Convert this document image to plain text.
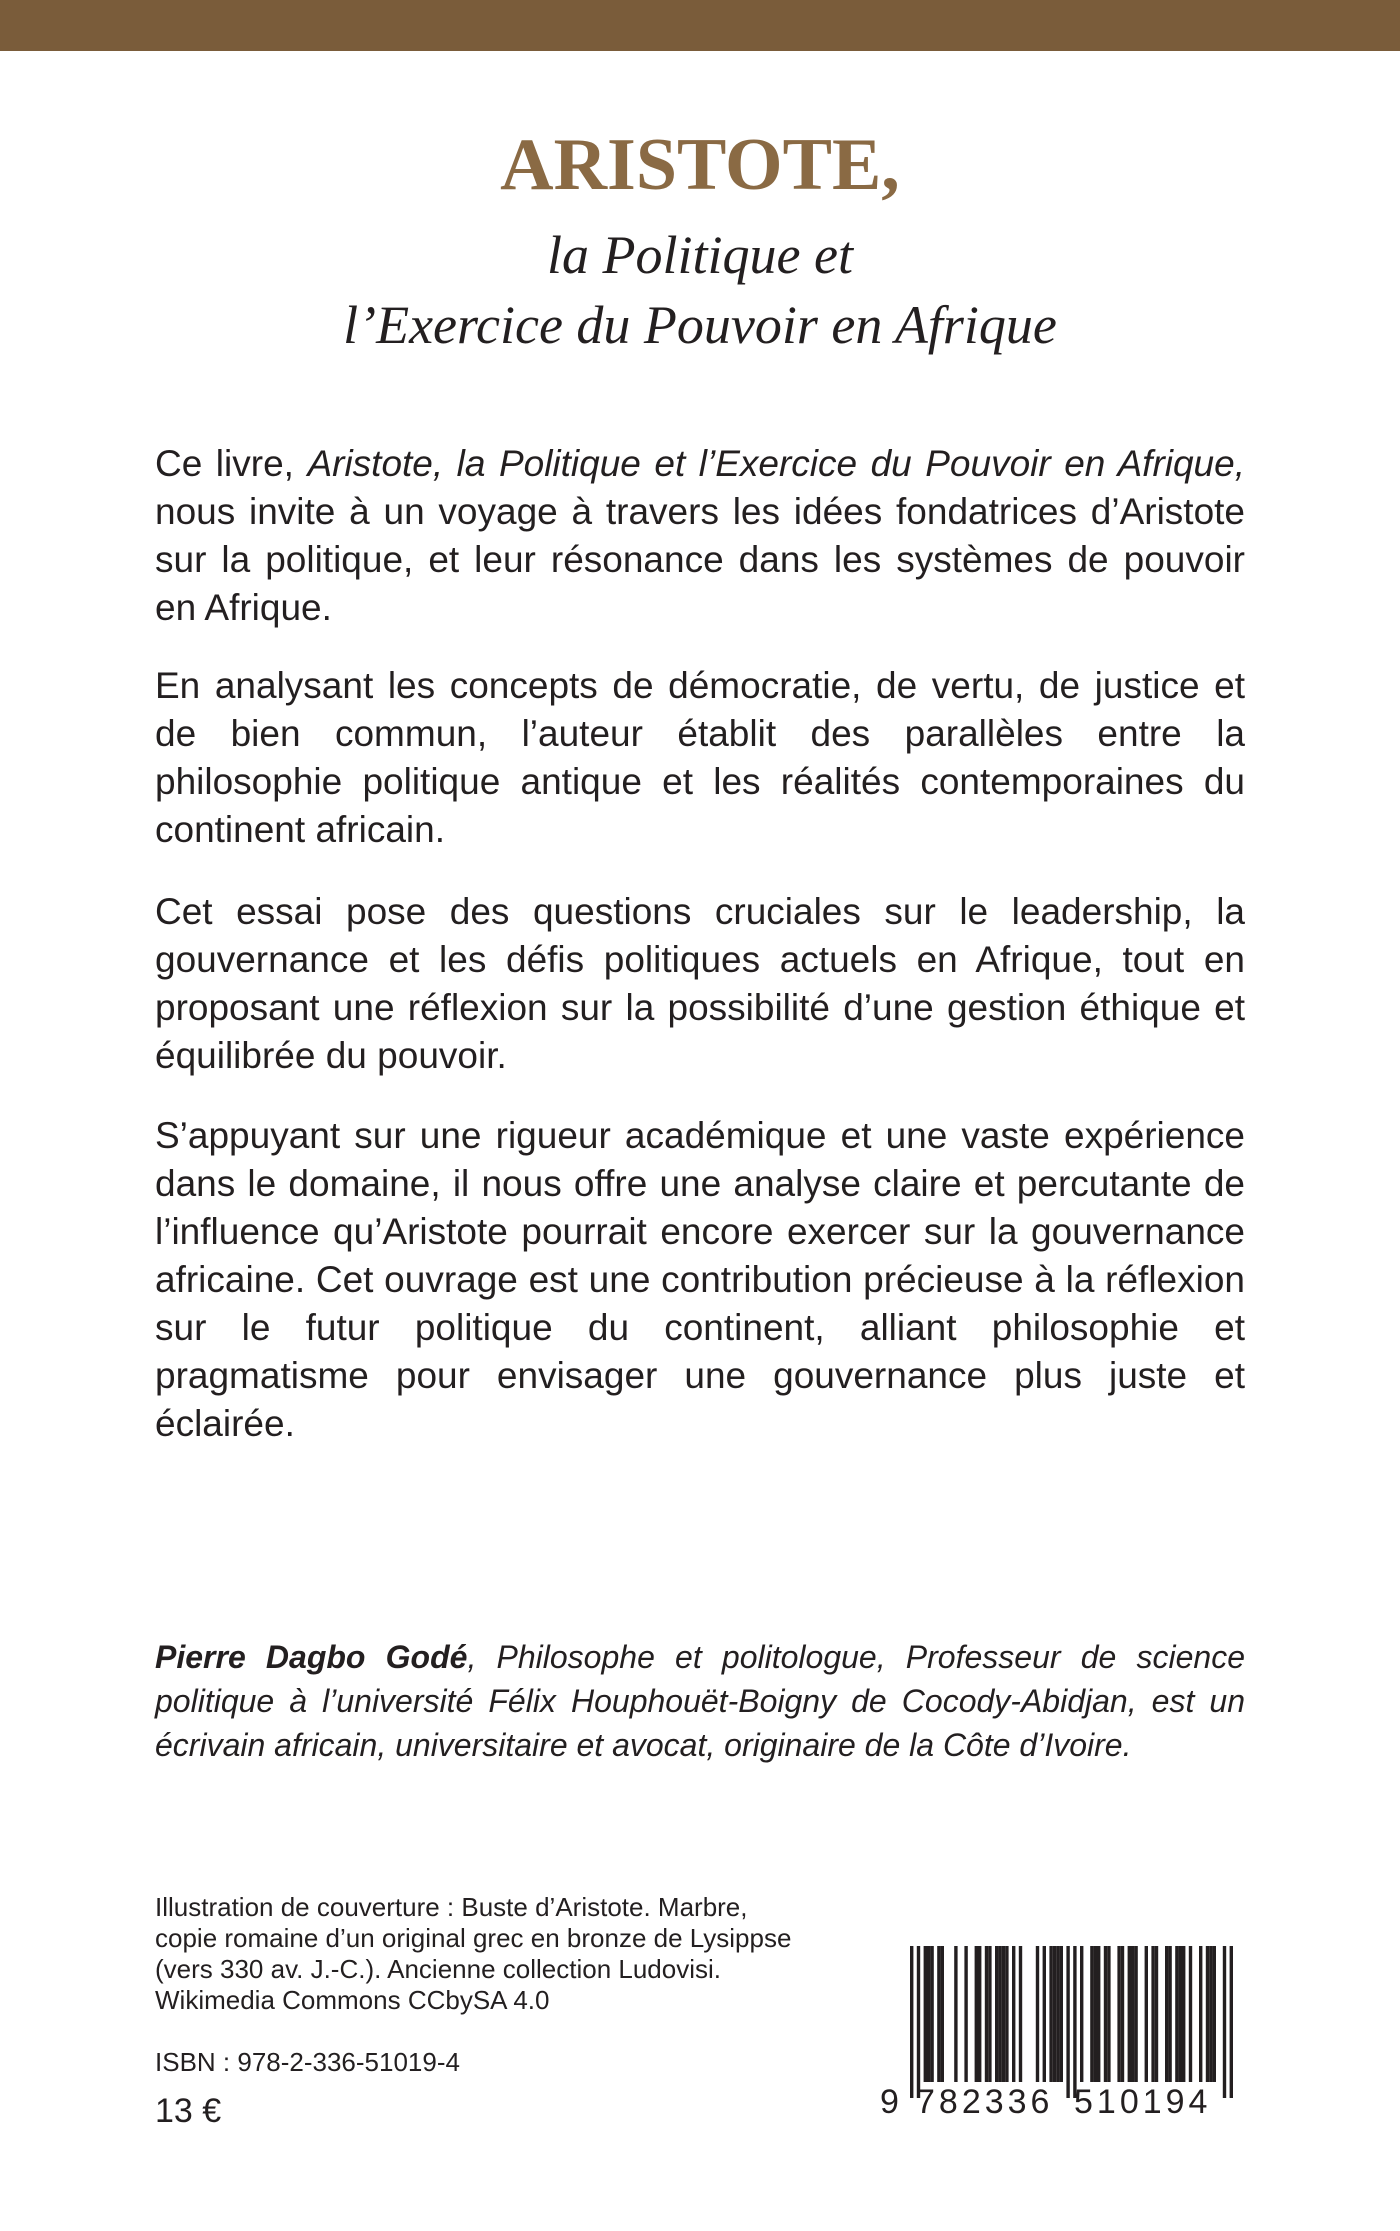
ARISTOTE,
la Politique et
l’Exercice du Pouvoir en Afrique

Ce livre, Aristote, la Politique et l’Exercice du Pouvoir en Afrique, nous invite à un voyage à travers les idées fondatrices d’Aristote sur la politique, et leur résonance dans les systèmes de pouvoir en Afrique.

En analysant les concepts de démocratie, de vertu, de justice et de bien commun, l’auteur établit des parallèles entre la philosophie politique antique et les réalités contemporaines du continent africain.

Cet essai pose des questions cruciales sur le leadership, la gouvernance et les défis politiques actuels en Afrique, tout en proposant une réflexion sur la possibilité d’une gestion éthique et équilibrée du pouvoir.

S’appuyant sur une rigueur académique et une vaste expérience dans le domaine, il nous offre une analyse claire et percutante de l’influence qu’Aristote pourrait encore exercer sur la gouvernance africaine. Cet ouvrage est une contribution précieuse à la réflexion sur le futur politique du continent, alliant philosophie et pragmatisme pour envisager une gouvernance plus juste et éclairée.

Pierre Dagbo Godé, Philosophe et politologue, Professeur de science politique à l’université Félix Houphouët-Boigny de Cocody-Abidjan, est un écrivain africain, universitaire et avocat, originaire de la Côte d’Ivoire.

Illustration de couverture : Buste d’Aristote. Marbre,
copie romaine d’un original grec en bronze de Lysippse
(vers 330 av. J.-C.). Ancienne collection Ludovisi.
Wikimedia Commons CCbySA 4.0
ISBN : 978-2-336-51019-4
13 €	9 782336 510194
